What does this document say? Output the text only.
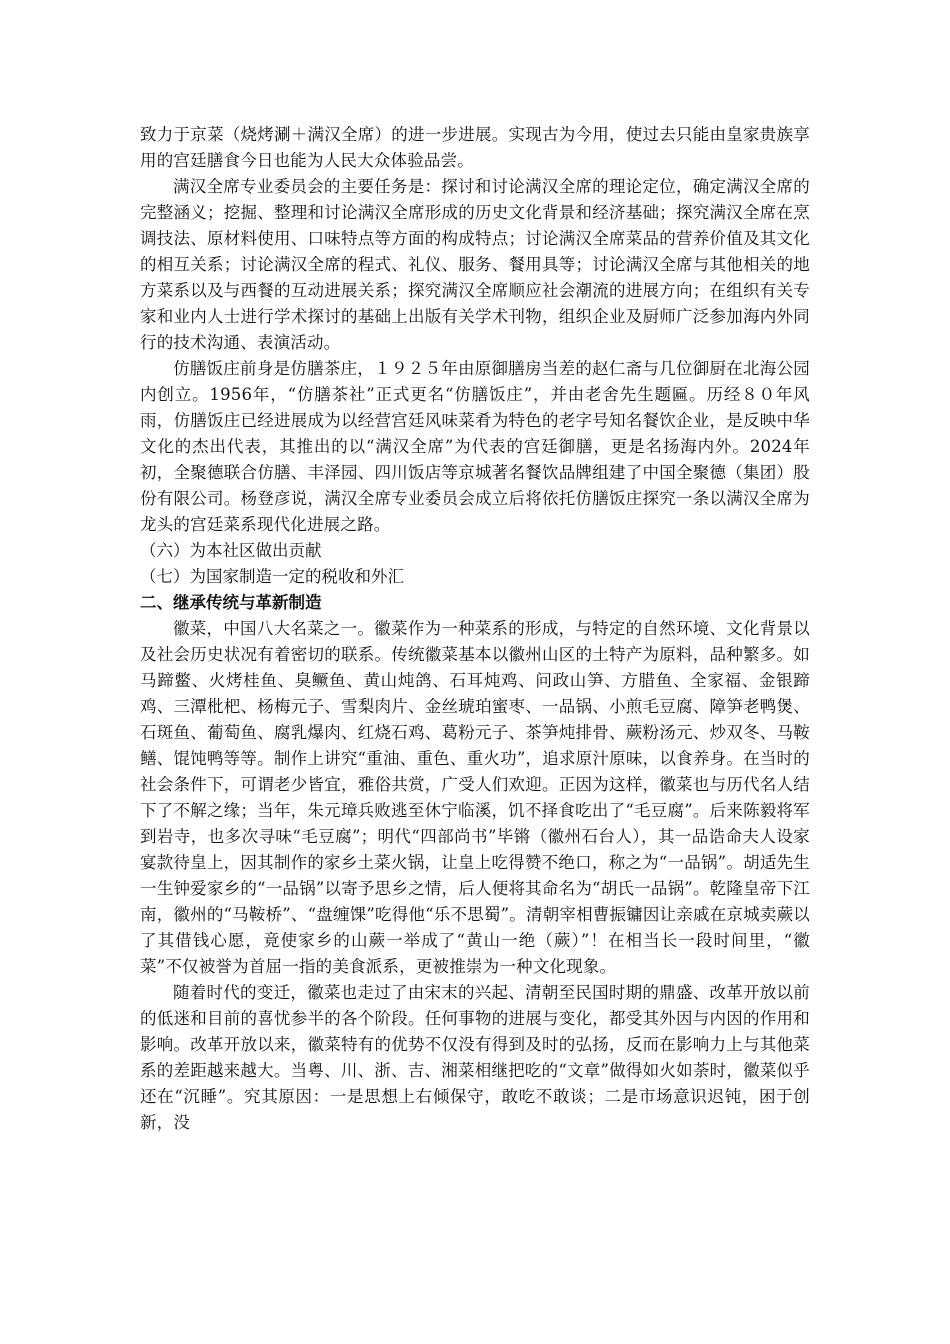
致力于京菜（烧烤涮＋满汉全席）的进一步进展。实现古为今用，使过去只能由皇家贵族享用的宫廷膳食今日也能为人民大众体验品尝。

满汉全席专业委员会的主要任务是：探讨和讨论满汉全席的理论定位，确定满汉全席的完整涵义；挖掘、整理和讨论满汉全席形成的历史文化背景和经济基础；探究满汉全席在烹调技法、原材料使用、口味特点等方面的构成特点；讨论满汉全席菜品的营养价值及其文化的相互关系；讨论满汉全席的程式、礼仪、服务、餐用具等；讨论满汉全席与其他相关的地方菜系以及与西餐的互动进展关系；探究满汉全席顺应社会潮流的进展方向；在组织有关专家和业内人士进行学术探讨的基础上出版有关学术刊物，组织企业及厨师广泛参加海内外同行的技术沟通、表演活动。

仿膳饭庄前身是仿膳茶庄，１９２５年由原御膳房当差的赵仁斋与几位御厨在北海公园内创立。1956年，“仿膳茶社”正式更名“仿膳饭庄”，并由老舍先生题匾。历经８０年风雨，仿膳饭庄已经进展成为以经营宫廷风味菜肴为特色的老字号知名餐饮企业，是反映中华文化的杰出代表，其推出的以“满汉全席”为代表的宫廷御膳，更是名扬海内外。2024年初，全聚德联合仿膳、丰泽园、四川饭店等京城著名餐饮品牌组建了中国全聚德（集团）股份有限公司。杨登彦说，满汉全席专业委员会成立后将依托仿膳饭庄探究一条以满汉全席为龙头的宫廷菜系现代化进展之路。

（六）为本社区做出贡献

（七）为国家制造一定的税收和外汇

二、继承传统与革新制造

徽菜，中国八大名菜之一。徽菜作为一种菜系的形成，与特定的自然环境、文化背景以及社会历史状况有着密切的联系。传统徽菜基本以徽州山区的土特产为原料，品种繁多。如马蹄鳖、火烤桂鱼、臭鳜鱼、黄山炖鸽、石耳炖鸡、问政山笋、方腊鱼、全家福、金银蹄鸡、三潭枇杷、杨梅元子、雪梨肉片、金丝琥珀蜜枣、一品锅、小煎毛豆腐、障笋老鸭煲、石斑鱼、葡萄鱼、腐乳爆肉、红烧石鸡、葛粉元子、茶笋炖排骨、蕨粉汤元、炒双冬、马鞍鳝、馄饨鸭等等。制作上讲究“重油、重色、重火功”，追求原汁原味，以食养身。在当时的社会条件下，可谓老少皆宜，雅俗共赏，广受人们欢迎。正因为这样，徽菜也与历代名人结下了不解之缘；当年，朱元璋兵败逃至休宁临溪，饥不择食吃出了“毛豆腐”。后来陈毅将军到岩寺，也多次寻味“毛豆腐”；明代“四部尚书”毕锵（徽州石台人），其一品诰命夫人设家宴款待皇上，因其制作的家乡土菜火锅，让皇上吃得赞不绝口，称之为“一品锅”。胡适先生一生钟爱家乡的“一品锅”以寄予思乡之情，后人便将其命名为“胡氏一品锅”。乾隆皇帝下江南，徽州的“马鞍桥”、“盘缠馃”吃得他“乐不思蜀”。清朝宰相曹振镛因让亲戚在京城卖蕨以了其借钱心愿，竟使家乡的山蕨一举成了“黄山一绝（蕨）”！在相当长一段时间里，“徽菜”不仅被誉为首屈一指的美食派系，更被推崇为一种文化现象。

随着时代的变迁，徽菜也走过了由宋末的兴起、清朝至民国时期的鼎盛、改革开放以前的低迷和目前的喜忧参半的各个阶段。任何事物的进展与变化，都受其外因与内因的作用和影响。改革开放以来，徽菜特有的优势不仅没有得到及时的弘扬，反而在影响力上与其他菜系的差距越来越大。当粤、川、浙、吉、湘菜相继把吃的“文章”做得如火如荼时，徽菜似乎还在“沉睡”。究其原因：一是思想上右倾保守，敢吃不敢谈；二是市场意识迟钝，困于创新，没
